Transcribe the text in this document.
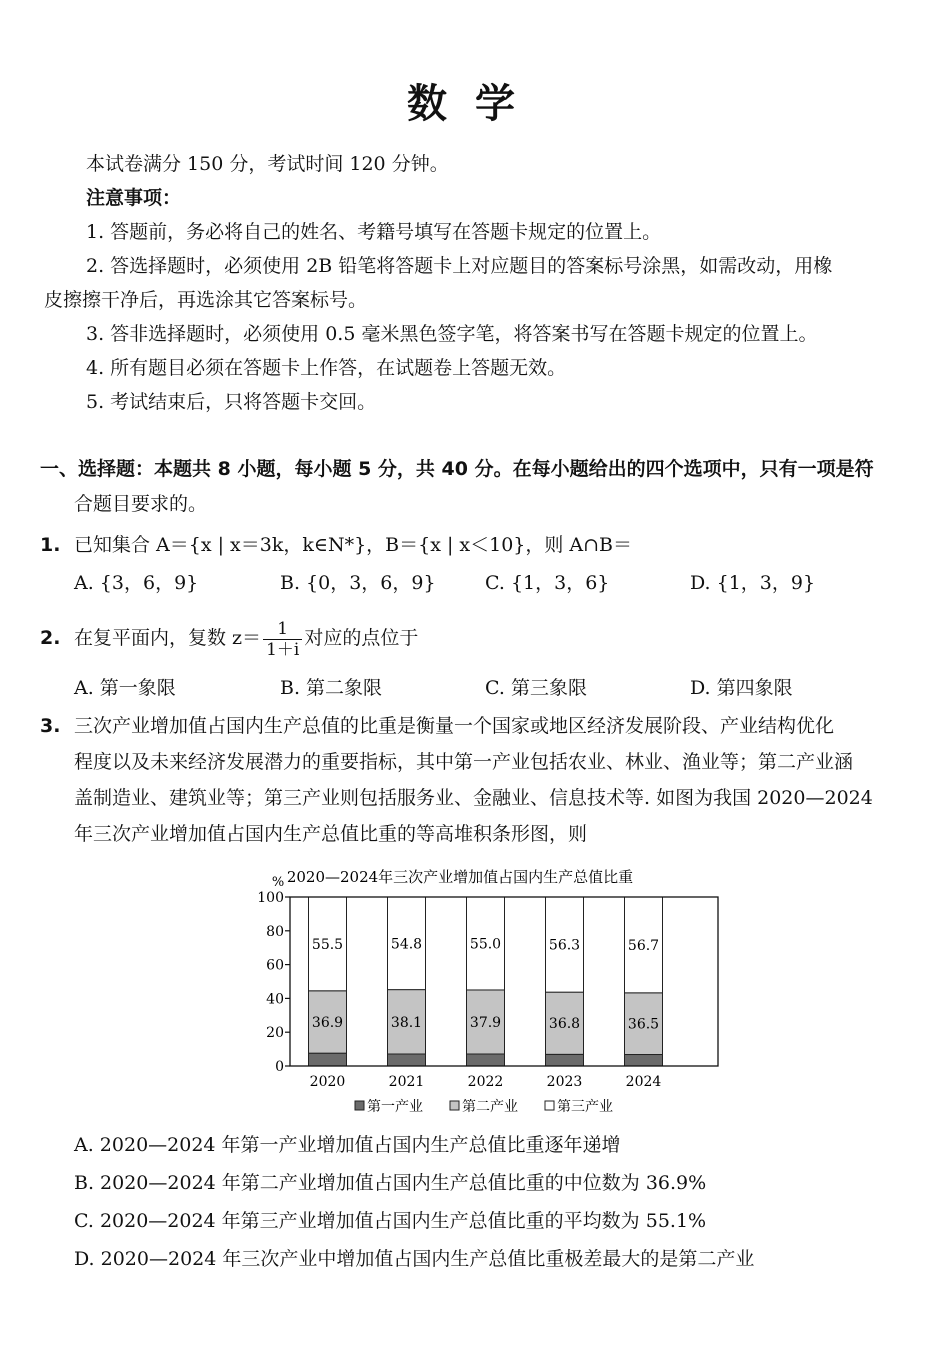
数学
本试卷满分 150 分，考试时间 120 分钟。
注意事项：
1. 答题前，务必将自己的姓名、考籍号填写在答题卡规定的位置上。
2. 答选择题时，必须使用 2B 铅笔将答题卡上对应题目的答案标号涂黑，如需改动，用橡
皮擦擦干净后，再选涂其它答案标号。
3. 答非选择题时，必须使用 0.5 毫米黑色签字笔，将答案书写在答题卡规定的位置上。
4. 所有题目必须在答题卡上作答，在试题卷上答题无效。
5. 考试结束后，只将答题卡交回。
一、选择题：本题共 8 小题，每小题 5 分，共 40 分。在每小题给出的四个选项中，只有一项是符
合题目要求的。
1. 已知集合 A＝{x | x＝3k，k∈N*}，B＝{x | x＜10}，则 A∩B＝
A. {3，6，9}	B. {0，3，6，9}	C. {1，3，6}	D. {1，3，9}
2. 在复平面内，复数 $z= \frac{1}{1+i}$ 对应的点位于
A. 第一象限	B. 第二象限	C. 第三象限	D. 第四象限
3. 三次产业增加值占国内生产总值的比重是衡量一个国家或地区经济发展阶段、产业结构优化
程度以及未来经济发展潜力的重要指标，其中第一产业包括农业、林业、渔业等；第二产业涵
盖制造业、建筑业等；第三产业则包括服务业、金融业、信息技术等. 如图为我国 2020—2024
年三次产业增加值占国内生产总值比重的等高堆积条形图，则
2020—2024年三次产业增加值占国内生产总值比重
%
0
20
40
60
80
100
36.9
55.5
38.1
54.8
37.9
55.0
36.8
56.3
36.5
56.7
2020	2021	2022	2023	2024
第一产业	第二产业	第三产业
A. 2020—2024 年第一产业增加值占国内生产总值比重逐年递增
B. 2020—2024 年第二产业增加值占国内生产总值比重的中位数为 36.9%
C. 2020—2024 年第三产业增加值占国内生产总值比重的平均数为 55.1%
D. 2020—2024 年三次产业中增加值占国内生产总值比重极差最大的是第二产业
